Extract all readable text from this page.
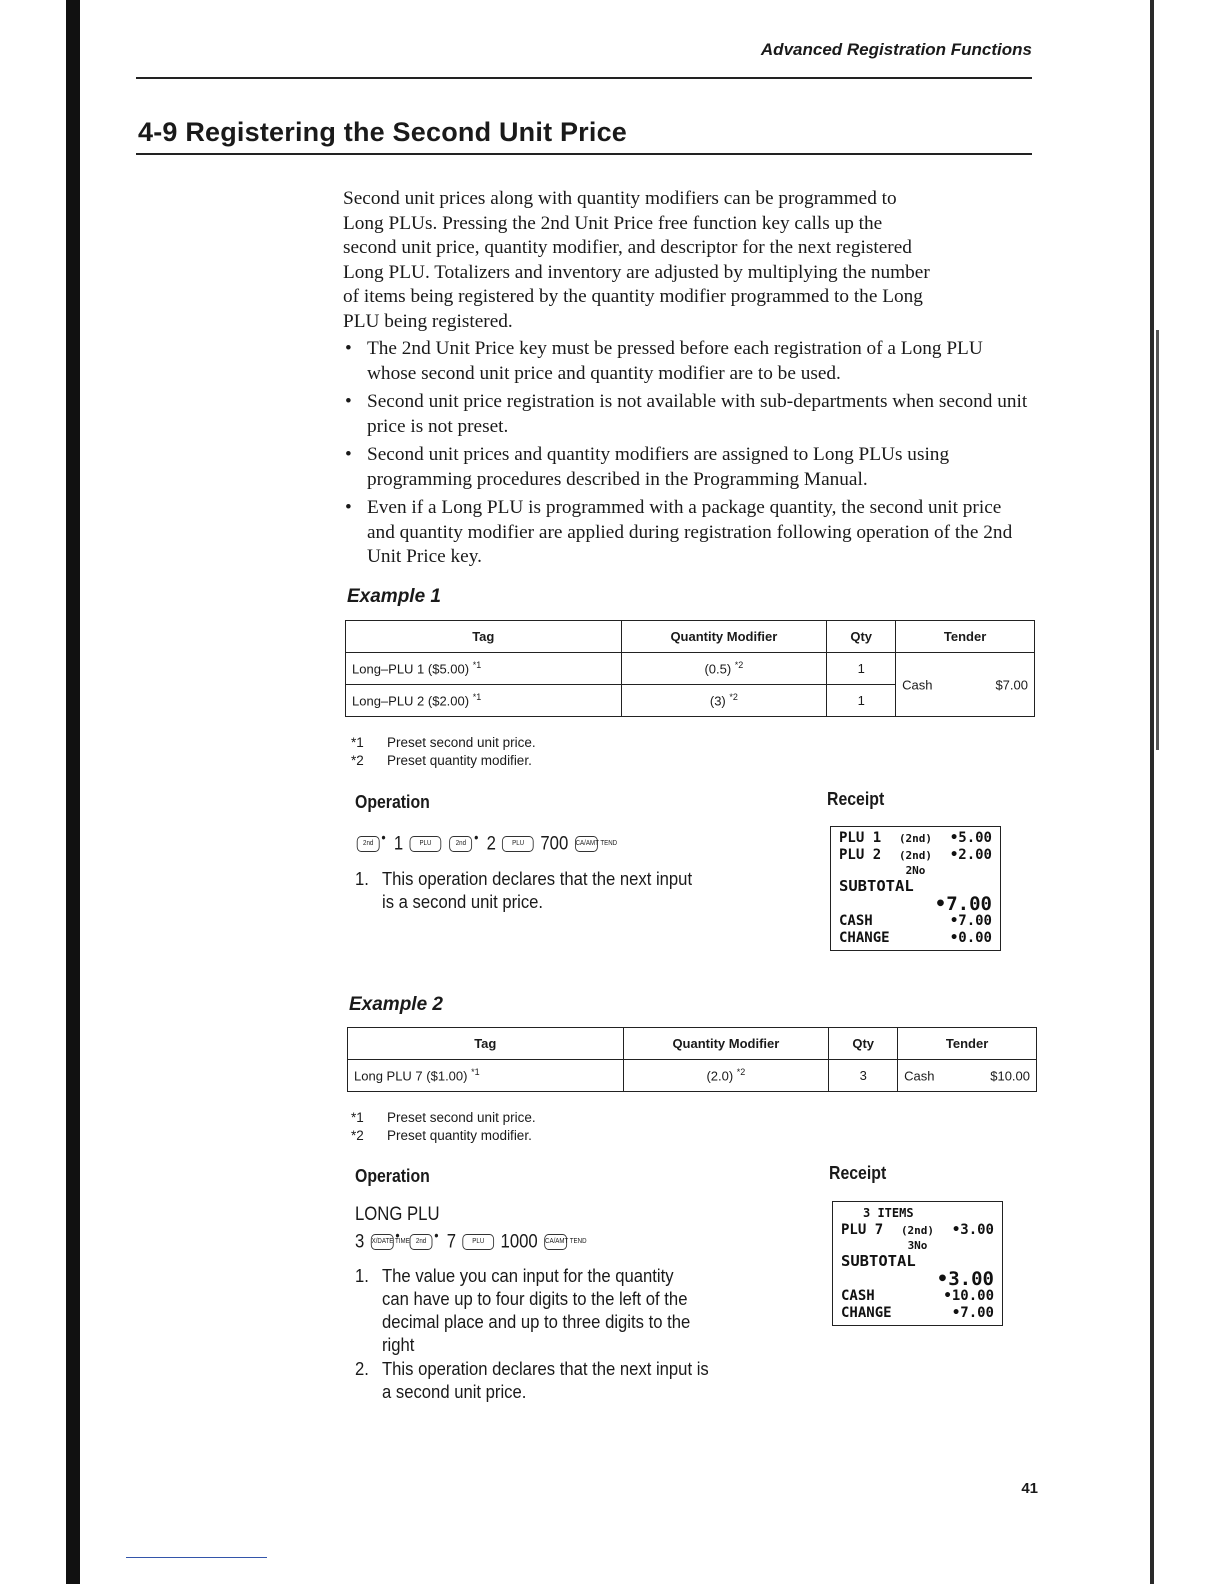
Advanced Registration Functions
4-9 Registering the Second Unit Price
Second unit prices along with quantity modifiers can be programmed to
Long PLUs. Pressing the 2nd Unit Price free function key calls up the
second unit price, quantity modifier, and descriptor for the next registered
Long PLU. Totalizers and inventory are adjusted by multiplying the number
of items being registered by the quantity modifier programmed to the Long
PLU being registered.
• The 2nd Unit Price key must be pressed before each registration of a Long PLU whose second unit price and quantity modifier are to be used.
• Second unit price registration is not available with sub-departments when second unit price is not preset.
• Second unit prices and quantity modifiers are assigned to Long PLUs using programming procedures described in the Programming Manual.
• Even if a Long PLU is programmed with a package quantity, the second unit price and quantity modifier are applied during registration following operation of the 2nd Unit Price key.
Example 1
Tag	Quantity Modifier	Qty	Tender
Long–PLU 1 ($5.00) $^{*1}$	(0.5) $^{*2}$	1	Cash $7.00

Long–PLU 2 ($2.00) $^{*1}$	(3) $^{*2}$	1	
*1 Preset second unit price.
*2 Preset quantity modifier.
Operation	Receipt
2nd • 1 PLU	2nd • 2 PLU 700 CA/AMT TEND
1. This operation declares that the next input is a second unit price.
PLU 1 (2nd) •5.00
PLU 2 (2nd) •2.00
2No
SUBTOTAL
•7.00
CASH	•7.00
CHANGE	•0.00
Example 2
Tag	Quantity Modifier	Qty	Tender
Long PLU 7 ($1.00) $^{*1}$	(2.0) $^{*2}$	3	Cash $10.00
*1 Preset second unit price.
*2 Preset quantity modifier.
Operation	Receipt
LONG PLU
3 X/DATE TIME• 2nd • 7 PLU 1000 CA/AMT TEND
1. The value you can input for the quantity can have up to four digits to the left of the decimal place and up to three digits to the right
2. This operation declares that the next input is a second unit price.
3 ITEMS
PLU 7 (2nd) •3.00
3No
SUBTOTAL
•3.00
CASH	•10.00
CHANGE	•7.00
41
